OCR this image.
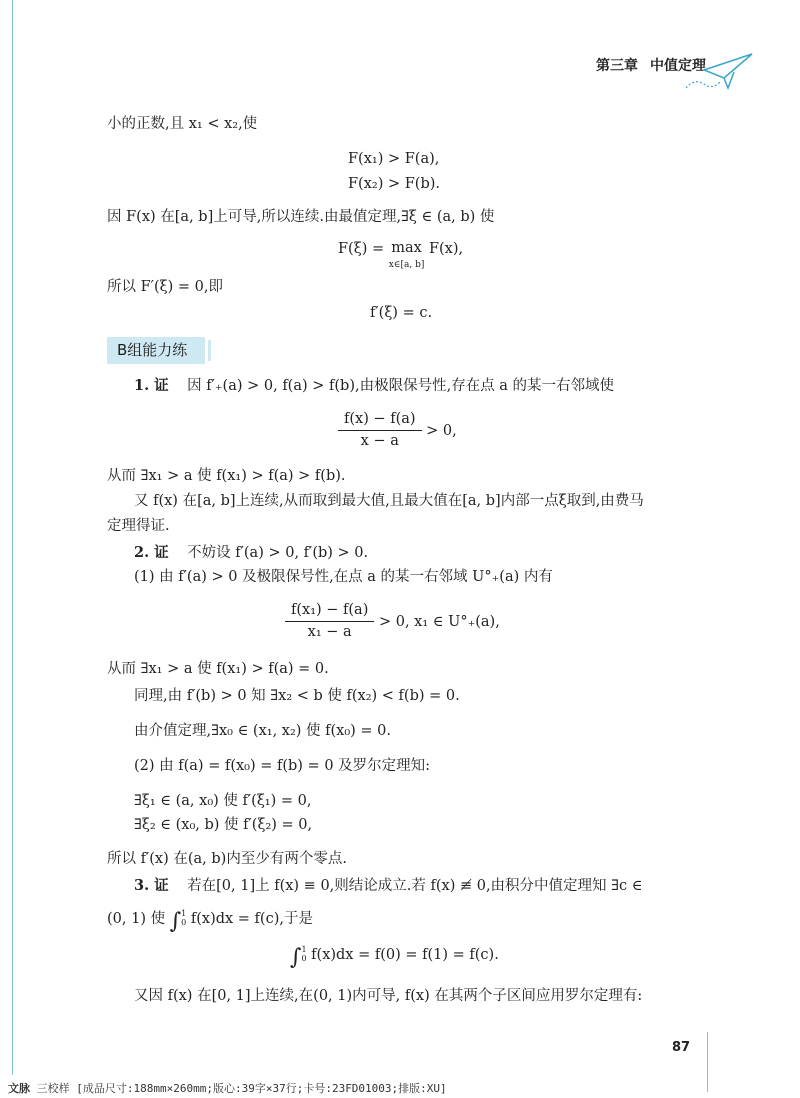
第三章 中值定理
小的正数,且 x₁ < x₂,使
F(x₁) > F(a),
F(x₂) > F(b).
因 F(x) 在[a, b]上可导,所以连续.由最值定理,∃ξ ∈ (a, b) 使
F(ξ) = max
x∈[a, b] F(x),
所以 F′(ξ) = 0,即
f′(ξ) = c.
B组能力练
1. 证 因 f′₊(a) > 0, f(a) > f(b),由极限保号性,存在点 a 的某一右邻域使
$\frac{f(x) - f(a)}{x - a} > 0$,
从而 ∃x₁ > a 使 f(x₁) > f(a) > f(b).
又 f(x) 在[a, b]上连续,从而取到最大值,且最大值在[a, b]内部一点ξ取到,由费马
定理得证.
2. 证 不妨设 f′(a) > 0, f′(b) > 0.
(1) 由 f′(a) > 0 及极限保号性,在点 a 的某一右邻域 U°₊(a) 内有
$\frac{\text{f(x₁) − f(a)}}{\text{x₁ − a}} > 0$, x₁ ∈ U°₊(a),
从而 ∃x₁ > a 使 f(x₁) > f(a) = 0.
同理,由 f′(b) > 0 知 ∃x₂ < b 使 f(x₂) < f(b) = 0.
由介值定理,∃x₀ ∈ (x₁, x₂) 使 f(x₀) = 0.
(2) 由 f(a) = f(x₀) = f(b) = 0 及罗尔定理知:
∃ξ₁ ∈ (a, x₀) 使 f′(ξ₁) = 0,
∃ξ₂ ∈ (x₀, b) 使 f′(ξ₂) = 0,
所以 f′(x) 在(a, b)内至少有两个零点.
3. 证 若在[0, 1]上 f(x) ≡ 0,则结论成立.若 f(x) ≢ 0,由积分中值定理知 ∃c ∈
(0, 1) 使 ∫1
0 f(x)dx = f(c),于是
∫1
0 f(x)dx = f(0) = f(1) = f(c).
又因 f(x) 在[0, 1]上连续,在(0, 1)内可导, f(x) 在其两个子区间应用罗尔定理有:
87
文脉 三校样 [成品尺寸:188mm×260mm;版心:39字×37行;卡号:23FD01003;排版:XU]
